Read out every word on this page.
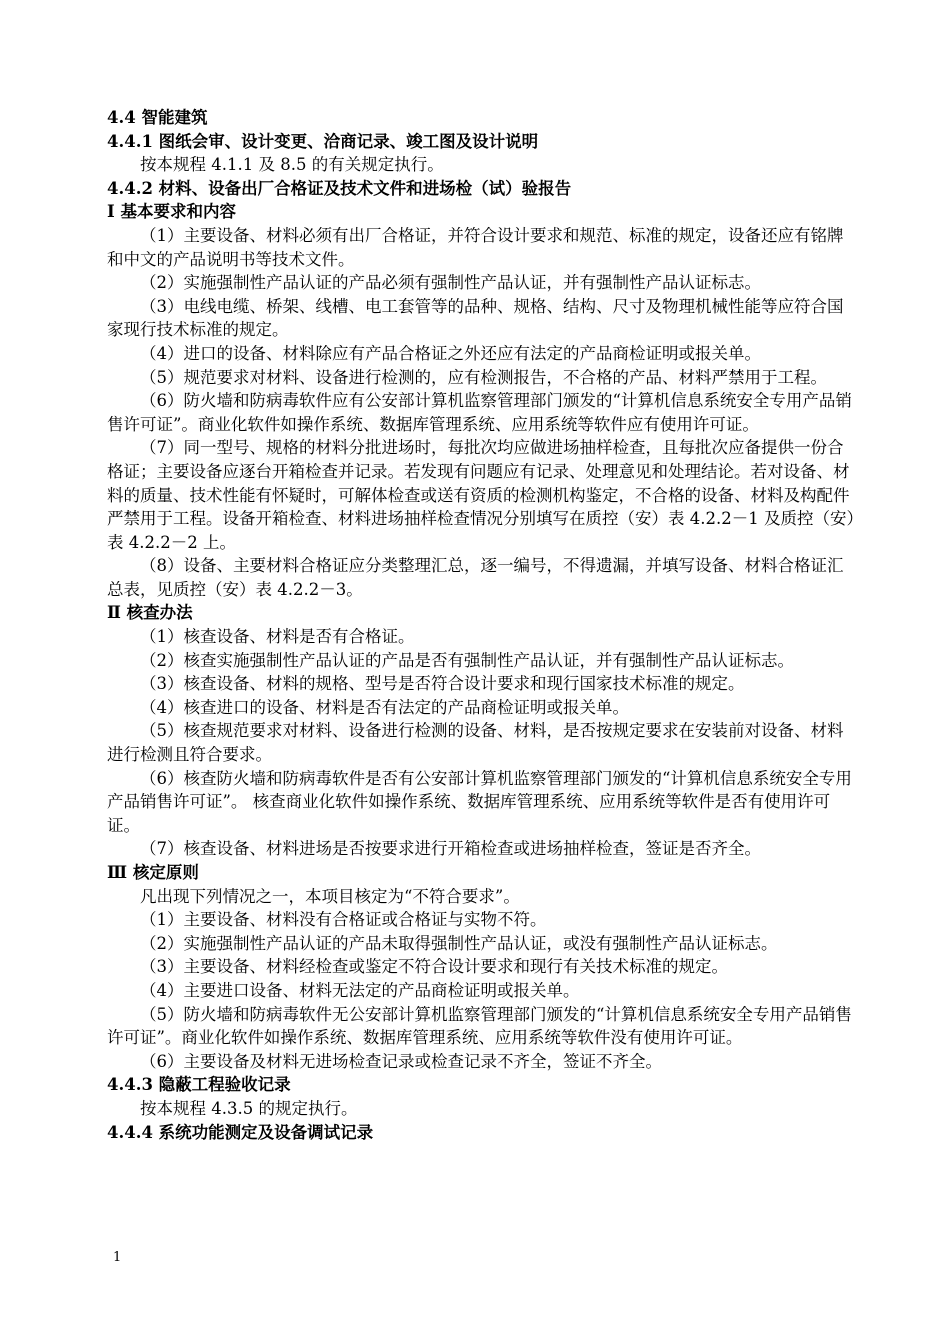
4.4 智能建筑

4.4.1 图纸会审、设计变更、洽商记录、竣工图及设计说明

按本规程 4.1.1 及 8.5 的有关规定执行。

4.4.2 材料、设备出厂合格证及技术文件和进场检（试）验报告

Ⅰ 基本要求和内容

（1）主要设备、材料必须有出厂合格证，并符合设计要求和规范、标准的规定，设备还应有铭牌和中文的产品说明书等技术文件。

（2）实施强制性产品认证的产品必须有强制性产品认证，并有强制性产品认证标志。

（3）电线电缆、桥架、线槽、电工套管等的品种、规格、结构、尺寸及物理机械性能等应符合国家现行技术标准的规定。

（4）进口的设备、材料除应有产品合格证之外还应有法定的产品商检证明或报关单。

（5）规范要求对材料、设备进行检测的，应有检测报告，不合格的产品、材料严禁用于工程。

（6）防火墙和防病毒软件应有公安部计算机监察管理部门颁发的“计算机信息系统安全专用产品销售许可证”。商业化软件如操作系统、数据库管理系统、应用系统等软件应有使用许可证。

（7）同一型号、规格的材料分批进场时，每批次均应做进场抽样检查，且每批次应备提供一份合格证；主要设备应逐台开箱检查并记录。若发现有问题应有记录、处理意见和处理结论。若对设备、材料的质量、技术性能有怀疑时，可解体检查或送有资质的检测机构鉴定，不合格的设备、材料及构配件严禁用于工程。设备开箱检查、材料进场抽样检查情况分别填写在质控（安）表 4.2.2－1 及质控（安）表 4.2.2－2 上。

（8）设备、主要材料合格证应分类整理汇总，逐一编号，不得遗漏，并填写设备、材料合格证汇总表，见质控（安）表 4.2.2－3。

Ⅱ 核查办法

（1）核查设备、材料是否有合格证。

（2）核查实施强制性产品认证的产品是否有强制性产品认证，并有强制性产品认证标志。

（3）核查设备、材料的规格、型号是否符合设计要求和现行国家技术标准的规定。

（4）核查进口的设备、材料是否有法定的产品商检证明或报关单。

（5）核查规范要求对材料、设备进行检测的设备、材料，是否按规定要求在安装前对设备、材料进行检测且符合要求。

（6）核查防火墙和防病毒软件是否有公安部计算机监察管理部门颁发的“计算机信息系统安全专用产品销售许可证”。 核查商业化软件如操作系统、数据库管理系统、应用系统等软件是否有使用许可证。

（7）核查设备、材料进场是否按要求进行开箱检查或进场抽样检查，签证是否齐全。

Ⅲ 核定原则

凡出现下列情况之一，本项目核定为“不符合要求”。

（1）主要设备、材料没有合格证或合格证与实物不符。

（2）实施强制性产品认证的产品未取得强制性产品认证，或没有强制性产品认证标志。

（3）主要设备、材料经检查或鉴定不符合设计要求和现行有关技术标准的规定。

（4）主要进口设备、材料无法定的产品商检证明或报关单。

（5）防火墙和防病毒软件无公安部计算机监察管理部门颁发的“计算机信息系统安全专用产品销售许可证”。商业化软件如操作系统、数据库管理系统、应用系统等软件没有使用许可证。

（6）主要设备及材料无进场检查记录或检查记录不齐全，签证不齐全。

4.4.3 隐蔽工程验收记录

按本规程 4.3.5 的规定执行。

4.4.4 系统功能测定及设备调试记录

1
